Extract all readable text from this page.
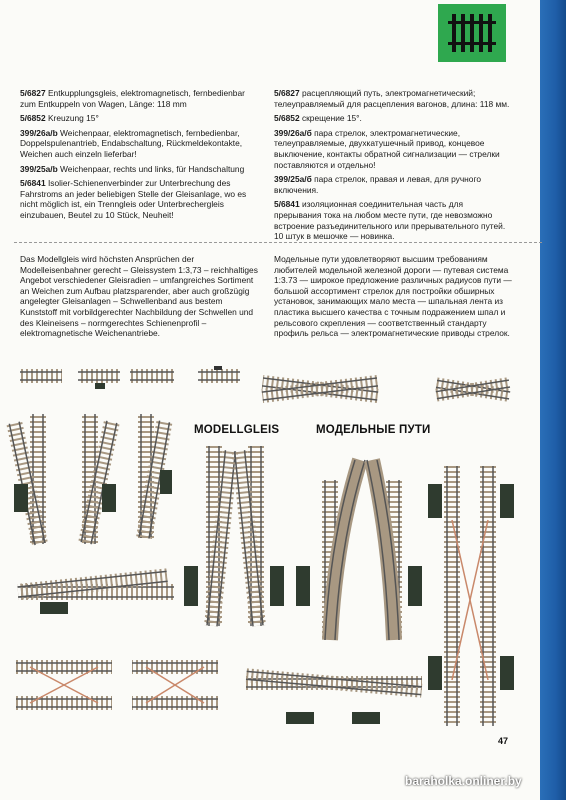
5/6827 Entkupplungsgleis, elektromagnetisch, fernbedienbar zum Entkuppeln von Wagen, Länge: 118 mm

5/6852 Kreuzung 15°

399/26a/b Weichenpaar, elektromagnetisch, fernbedienbar, Doppelspulenantrieb, Endabschaltung, Rückmeldekontakte, Weichen auch einzeln lieferbar!

399/25a/b Weichenpaar, rechts und links, für Handschaltung

5/6841 Isolier-Schienenverbinder zur Unterbrechung des Fahrstroms an jeder beliebigen Stelle der Gleisanlage, wo es nicht möglich ist, ein Trenngleis oder Unterbrechergleis einzubauen, Beutel zu 10 Stück, Neuheit!

5/6827 расцепляющий путь, электромагнетический; телеуправляемый для расцепления вагонов, длина: 118 мм.

5/6852 скрещение 15°.

399/26а/б пара стрелок, электромагнетические, телеуправляемые, двухкатушечный привод, концевое выключение, контакты обратной сигнализации — стрелки поставляются и отдельно!

399/25а/б пара стрелок, правая и левая, для ручного включения.

5/6841 изоляционная соединительная часть для прерывания тока на любом месте пути, где невозможно встроение разъединительного или прерывательного путей. 10 штук в мешочке — новинка.

Das Modellgleis wird höchsten Ansprüchen der Modelleisenbahner gerecht – Gleissystem 1:3,73 – reichhaltiges Angebot verschiedener Gleisradien – umfangreiches Sortiment an Weichen zum Aufbau platzsparender, aber auch großzügig angelegter Gleisanlagen – Schwellenband aus bestem Kunststoff mit vorbildgerechter Nachbildung der Schwellen und des Kleineisens – normgerechtes Schienenprofil – elektromagnetische Weichenantriebe.
Модельные пути удовлетворяют высшим требованиям любителей модельной железной дороги — путевая система 1:3.73 — широкое предложение различных радиусов пути — большой ассортимент стрелок для постройки обширных установок, занимающих мало места — шпальная лента из пластика высшего качества с точным подражением шпал и рельсового скрепления — соответственный стандарту профиль рельса — электромагнетические приводы стрелок.
MODELLGLEIS	МОДЕЛЬНЫЕ ПУТИ
47
baraholka.onliner.by
